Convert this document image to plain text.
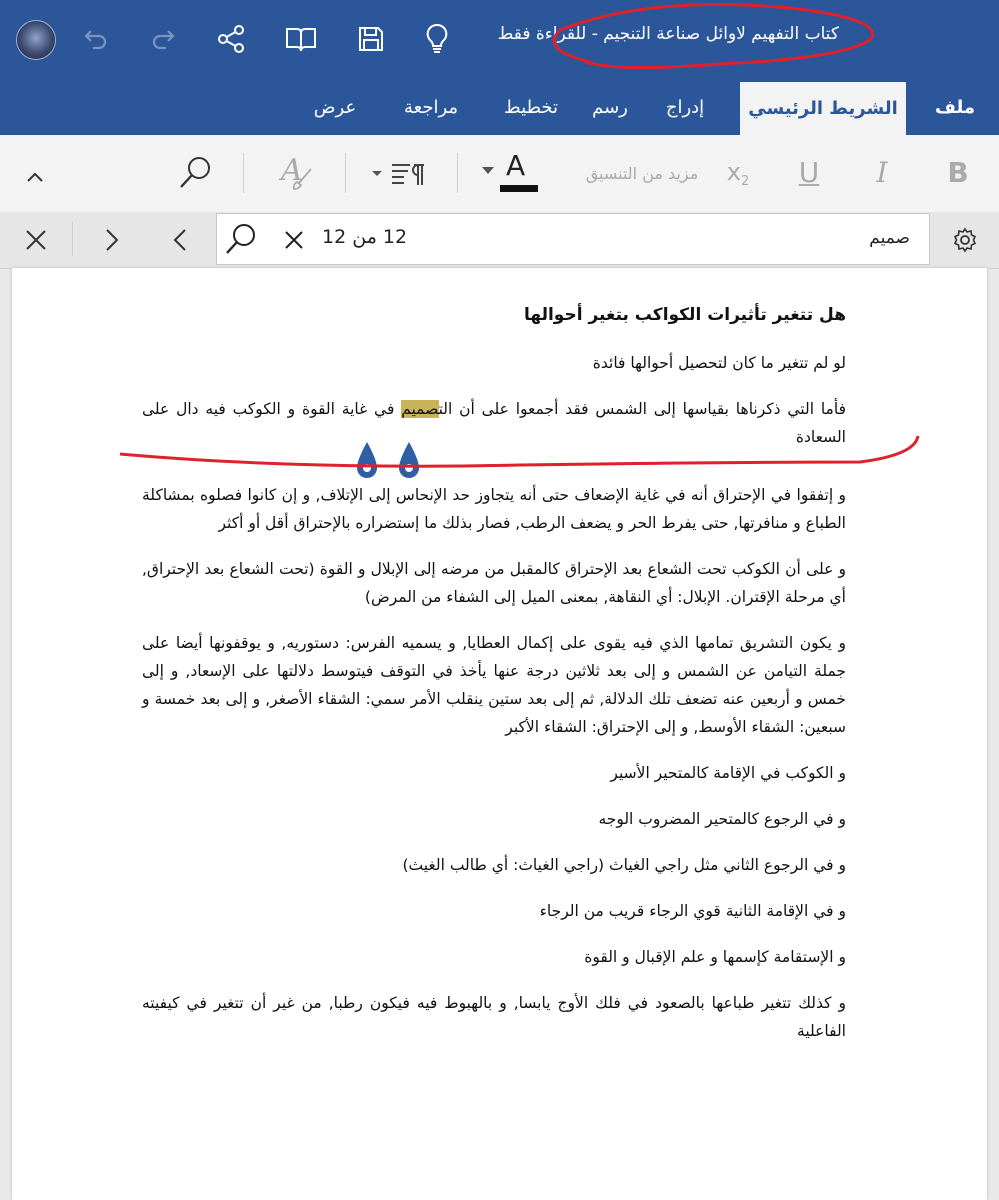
كتاب التفهيم لاوائل صناعة التنجيم - للقراءة فقط
ملف
الشريط الرئيسي
إدراج
رسم
تخطيط
مراجعة
عرض
A	A	مزيد من التنسيق	x 2 U I B
12 من 12	صميم
هل تتغير تأثيرات الكواكب بتغير أحوالها

لو لم تتغير ما كان لتحصيل أحوالها فائدة

فأما التي ذكرناها بقياسها إلى الشمس فقد أجمعوا على أن التصميم في غاية القوة و الكوكب فيه دال على السعادة

و إتفقوا في الإحتراق أنه في غاية الإضعاف حتى أنه يتجاوز حد الإنحاس إلى الإتلاف, و إن كانوا فصلوه بمشاكلة الطباع و منافرتها, حتى يفرط الحر و يضعف الرطب, فصار بذلك ما إستضراره بالإحتراق أقل أو أكثر

و على أن الكوكب تحت الشعاع بعد الإحتراق كالمقبل من مرضه إلى الإبلال و القوة (تحت الشعاع بعد الإحتراق, أي مرحلة الإقتران. الإبلال: أي النقاهة, بمعنى الميل إلى الشفاء من المرض)

و يكون التشريق تمامها الذي فيه يقوى على إكمال العطايا, و يسميه الفرس: دستوريه, و يوقفونها أيضا على جملة التيامن عن الشمس و إلى بعد ثلاثين درجة عنها يأخذ في التوقف فيتوسط دلالتها على الإسعاد, و إلى خمس و أربعين عنه تضعف تلك الدلالة, ثم إلى بعد ستين ينقلب الأمر سمي: الشقاء الأصغر, و إلى بعد خمسة و سبعين: الشقاء الأوسط, و إلى الإحتراق: الشقاء الأكبر

و الكوكب في الإقامة كالمتحير الأسير

و في الرجوع كالمتحير المضروب الوجه

و في الرجوع الثاني مثل راجي الغياث (راجي الغياث: أي طالب الغيث)

و في الإقامة الثانية قوي الرجاء قريب من الرجاء

و الإستقامة كإسمها و علم الإقبال و القوة

و كذلك تتغير طباعها بالصعود في فلك الأوج يابسا, و بالهبوط فيه فيكون رطبا, من غير أن تتغير في كيفيته الفاعلية
